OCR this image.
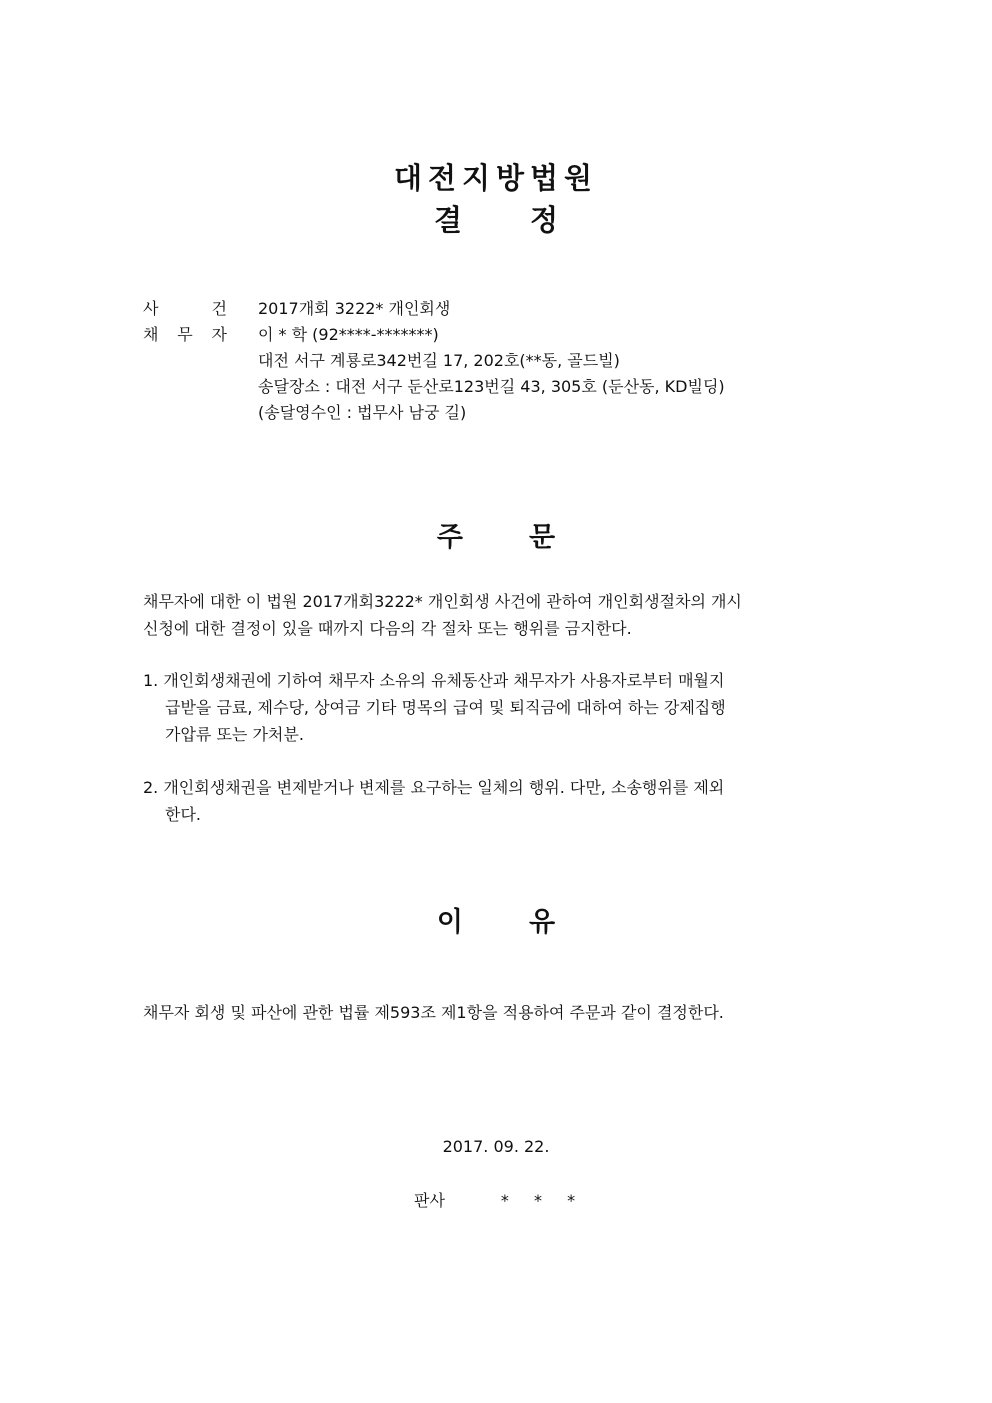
대전지방법원
결 정
사	건 2017개회 3222* 개인회생
채 무 자 이 * 학 (92****-*******)
대전 서구 계룡로342번길 17, 202호(**동, 골드빌)
송달장소 : 대전 서구 둔산로123번길 43, 305호 (둔산동, KD빌딩)
(송달영수인 : 법무사 남궁 길)
주 문
채무자에 대한 이 법원 2017개회3222* 개인회생 사건에 관하여 개인회생절차의 개시
신청에 대한 결정이 있을 때까지 다음의 각 절차 또는 행위를 금지한다.
1. 개인회생채권에 기하여 채무자 소유의 유체동산과 채무자가 사용자로부터 매월지
급받을 금료, 제수당, 상여금 기타 명목의 급여 및 퇴직금에 대하여 하는 강제집행
가압류 또는 가처분.
2. 개인회생채권을 변제받거나 변제를 요구하는 일체의 행위. 다만, 소송행위를 제외
한다.
이 유
채무자 회생 및 파산에 관한 법률 제593조 제1항을 적용하여 주문과 같이 결정한다.
2017. 09. 22.
판사	* * *
